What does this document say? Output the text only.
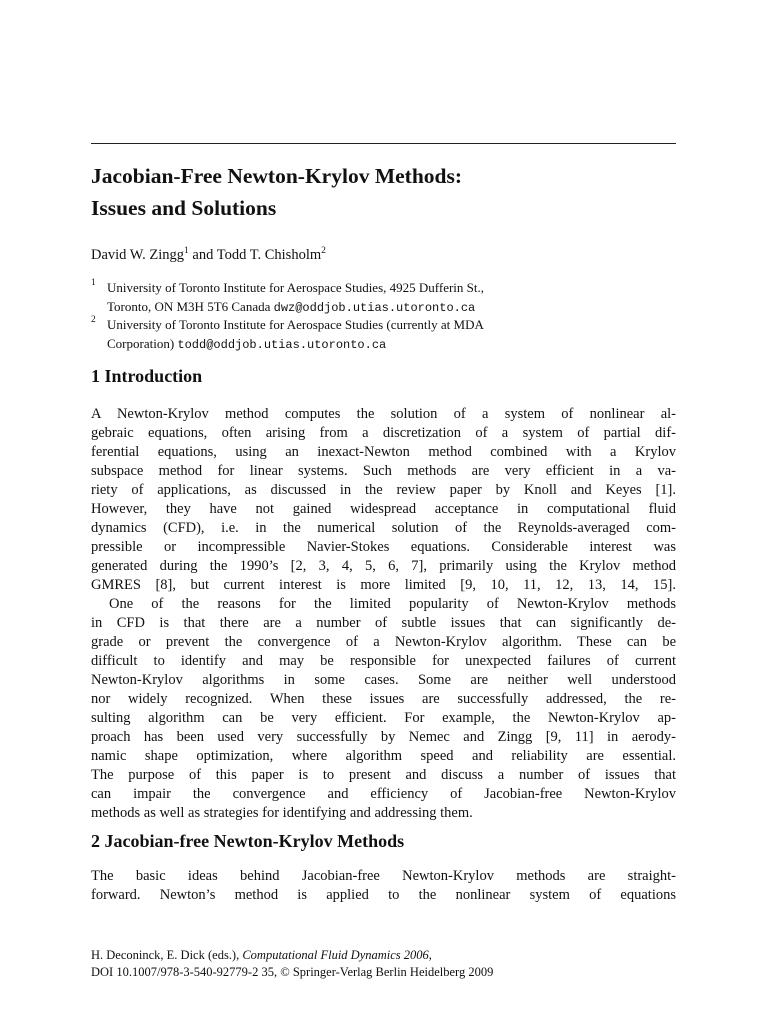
Jacobian-Free Newton-Krylov Methods:
Issues and Solutions
David W. Zingg$^1$ and Todd T. Chisholm$^2$
1 University of Toronto Institute for Aerospace Studies, 4925 Dufferin St.,
Toronto, ON M3H 5T6 Canada dwz@oddjob.utias.utoronto.ca
2 University of Toronto Institute for Aerospace Studies (currently at MDA
Corporation) todd@oddjob.utias.utoronto.ca
1 Introduction
A Newton-Krylov method computes the solution of a system of nonlinear al-
gebraic equations, often arising from a discretization of a system of partial dif-
ferential equations, using an inexact-Newton method combined with a Krylov
subspace method for linear systems. Such methods are very efficient in a va-
riety of applications, as discussed in the review paper by Knoll and Keyes [1].
However, they have not gained widespread acceptance in computational fluid
dynamics (CFD), i.e. in the numerical solution of the Reynolds-averaged com-
pressible or incompressible Navier-Stokes equations. Considerable interest was
generated during the 1990’s [2, 3, 4, 5, 6, 7], primarily using the Krylov method
GMRES [8], but current interest is more limited [9, 10, 11, 12, 13, 14, 15].
One of the reasons for the limited popularity of Newton-Krylov methods
in CFD is that there are a number of subtle issues that can significantly de-
grade or prevent the convergence of a Newton-Krylov algorithm. These can be
difficult to identify and may be responsible for unexpected failures of current
Newton-Krylov algorithms in some cases. Some are neither well understood
nor widely recognized. When these issues are successfully addressed, the re-
sulting algorithm can be very efficient. For example, the Newton-Krylov ap-
proach has been used very successfully by Nemec and Zingg [9, 11] in aerody-
namic shape optimization, where algorithm speed and reliability are essential.
The purpose of this paper is to present and discuss a number of issues that
can impair the convergence and efficiency of Jacobian-free Newton-Krylov
methods as well as strategies for identifying and addressing them.
2 Jacobian-free Newton-Krylov Methods
The basic ideas behind Jacobian-free Newton-Krylov methods are straight-
forward. Newton’s method is applied to the nonlinear system of equations
H. Deconinck, E. Dick (eds.), Computational Fluid Dynamics 2006,
DOI 10.1007/978-3-540-92779-2 35, © Springer-Verlag Berlin Heidelberg 2009
